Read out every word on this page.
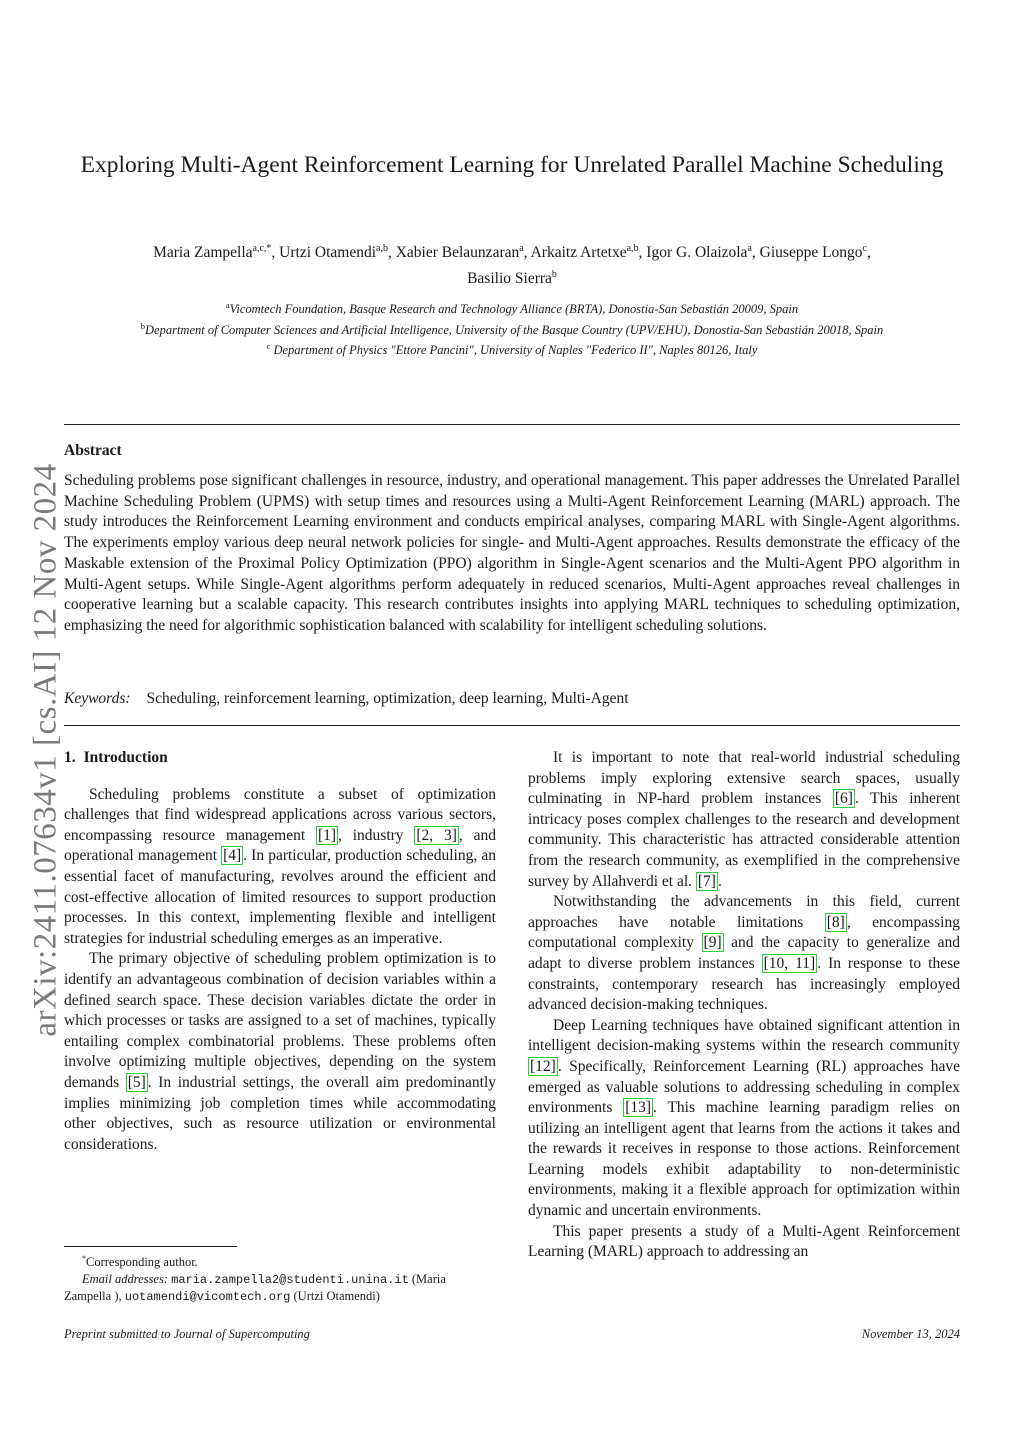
arXiv:2411.07634v1 [cs.AI] 12 Nov 2024
Exploring Multi-Agent Reinforcement Learning for Unrelated Parallel Machine Scheduling
Maria Zampella$^{a,c,*}$, Urtzi Otamendi$^{a,b}$, Xabier Belaunzaran$^a$, Arkaitz Artetxe$^{a,b}$, Igor G. Olaizola$^a$, Giuseppe Longo$^c$,
Basilio Sierra$^b$
$^a$Vicomtech Foundation, Basque Research and Technology Alliance (BRTA), Donostia-San Sebastián 20009, Spain
$^b$Department of Computer Sciences and Artificial Intelligence, University of the Basque Country (UPV/EHU), Donostia-San Sebastián 20018, Spain
$^c$ Department of Physics "Ettore Pancini", University of Naples "Federico II", Naples 80126, Italy
Abstract

Scheduling problems pose significant challenges in resource, industry, and operational management. This paper addresses the Unrelated Parallel Machine Scheduling Problem (UPMS) with setup times and resources using a Multi-Agent Reinforcement Learning (MARL) approach. The study introduces the Reinforcement Learning environment and conducts empirical analyses, comparing MARL with Single-Agent algorithms. The experiments employ various deep neural network policies for single- and Multi-Agent approaches. Results demonstrate the efficacy of the Maskable extension of the Proximal Policy Optimization (PPO) algorithm in Single-Agent scenarios and the Multi-Agent PPO algorithm in Multi-Agent setups. While Single-Agent algorithms perform adequately in reduced scenarios, Multi-Agent approaches reveal challenges in cooperative learning but a scalable capacity. This research contributes insights into applying MARL techniques to scheduling optimization, emphasizing the need for algorithmic sophistication balanced with scalability for intelligent scheduling solutions.

Keywords: Scheduling, reinforcement learning, optimization, deep learning, Multi-Agent
1. Introduction

Scheduling problems constitute a subset of optimization challenges that find widespread applications across various sectors, encompassing resource management [1] , industry [2, 3] , and operational management [4] . In particular, production scheduling, an essential facet of manufacturing, revolves around the efficient and cost-effective allocation of limited resources to support production processes. In this context, implementing flexible and intelligent strategies for industrial scheduling emerges as an imperative.

The primary objective of scheduling problem optimization is to identify an advantageous combination of decision variables within a defined search space. These decision variables dictate the order in which processes or tasks are assigned to a set of machines, typically entailing complex combinatorial problems. These problems often involve optimizing multiple objectives, depending on the system demands [5] . In industrial settings, the overall aim predominantly implies minimizing job completion times while accommodating other objectives, such as resource utilization or environmental considerations.

It is important to note that real-world industrial scheduling problems imply exploring extensive search spaces, usually culminating in NP-hard problem instances [6] . This inherent intricacy poses complex challenges to the research and development community. This characteristic has attracted considerable attention from the research community, as exemplified in the comprehensive survey by Allahverdi et al. [7] .

Notwithstanding the advancements in this field, current approaches have notable limitations [8] , encompassing computational complexity [9] and the capacity to generalize and adapt to diverse problem instances [10, 11] . In response to these constraints, contemporary research has increasingly employed advanced decision-making techniques.

Deep Learning techniques have obtained significant attention in intelligent decision-making systems within the research community [12] . Specifically, Reinforcement Learning (RL) approaches have emerged as valuable solutions to addressing scheduling in complex environments [13] . This machine learning paradigm relies on utilizing an intelligent agent that learns from the actions it takes and the rewards it receives in response to those actions. Reinforcement Learning models exhibit adaptability to non-deterministic environments, making it a flexible approach for optimization within dynamic and uncertain environments.

This paper presents a study of a Multi-Agent Reinforcement Learning (MARL) approach to addressing an

*Corresponding author.

Email addresses: maria.zampella2@studenti.unina.it (Maria Zampella ), uotamendi@vicomtech.org (Urtzi Otamendi)

Preprint submitted to Journal of Supercomputing	November 13, 2024
